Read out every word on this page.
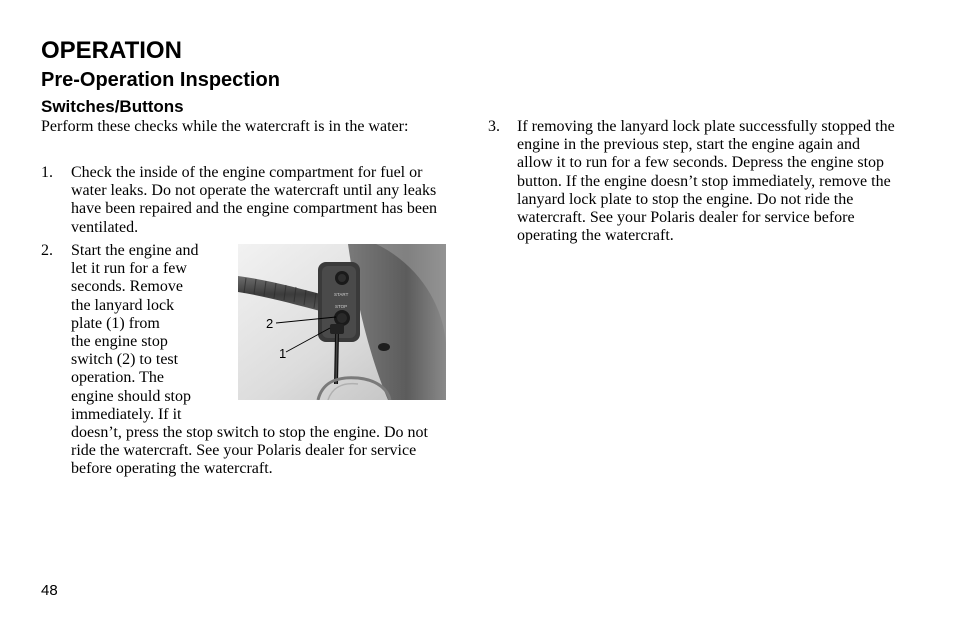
OPERATION
Pre-Operation Inspection
Switches/Buttons

Perform these checks while the watercraft is in the water:

1. Check the inside of the engine compartment for fuel or water leaks. Do not operate the watercraft until any leaks have been repaired and the engine compartment has been ventilated.

2. Start the engine and
let it run for a few
seconds. Remove
the lanyard lock
plate (1) from
the engine stop
switch (2) to test
operation. The
engine should stop
immediately. If it
doesn’t, press the stop switch to stop the engine. Do not ride the watercraft. See your Polaris dealer for service before operating the watercraft.
START
STOP
2
1
3. If removing the lanyard lock plate successfully stopped the engine in the previous step, start the engine again and allow it to run for a few seconds. Depress the engine stop button. If the engine doesn’t stop immediately, remove the lanyard lock plate to stop the engine. Do not ride the watercraft. See your Polaris dealer for service before operating the watercraft.

48
